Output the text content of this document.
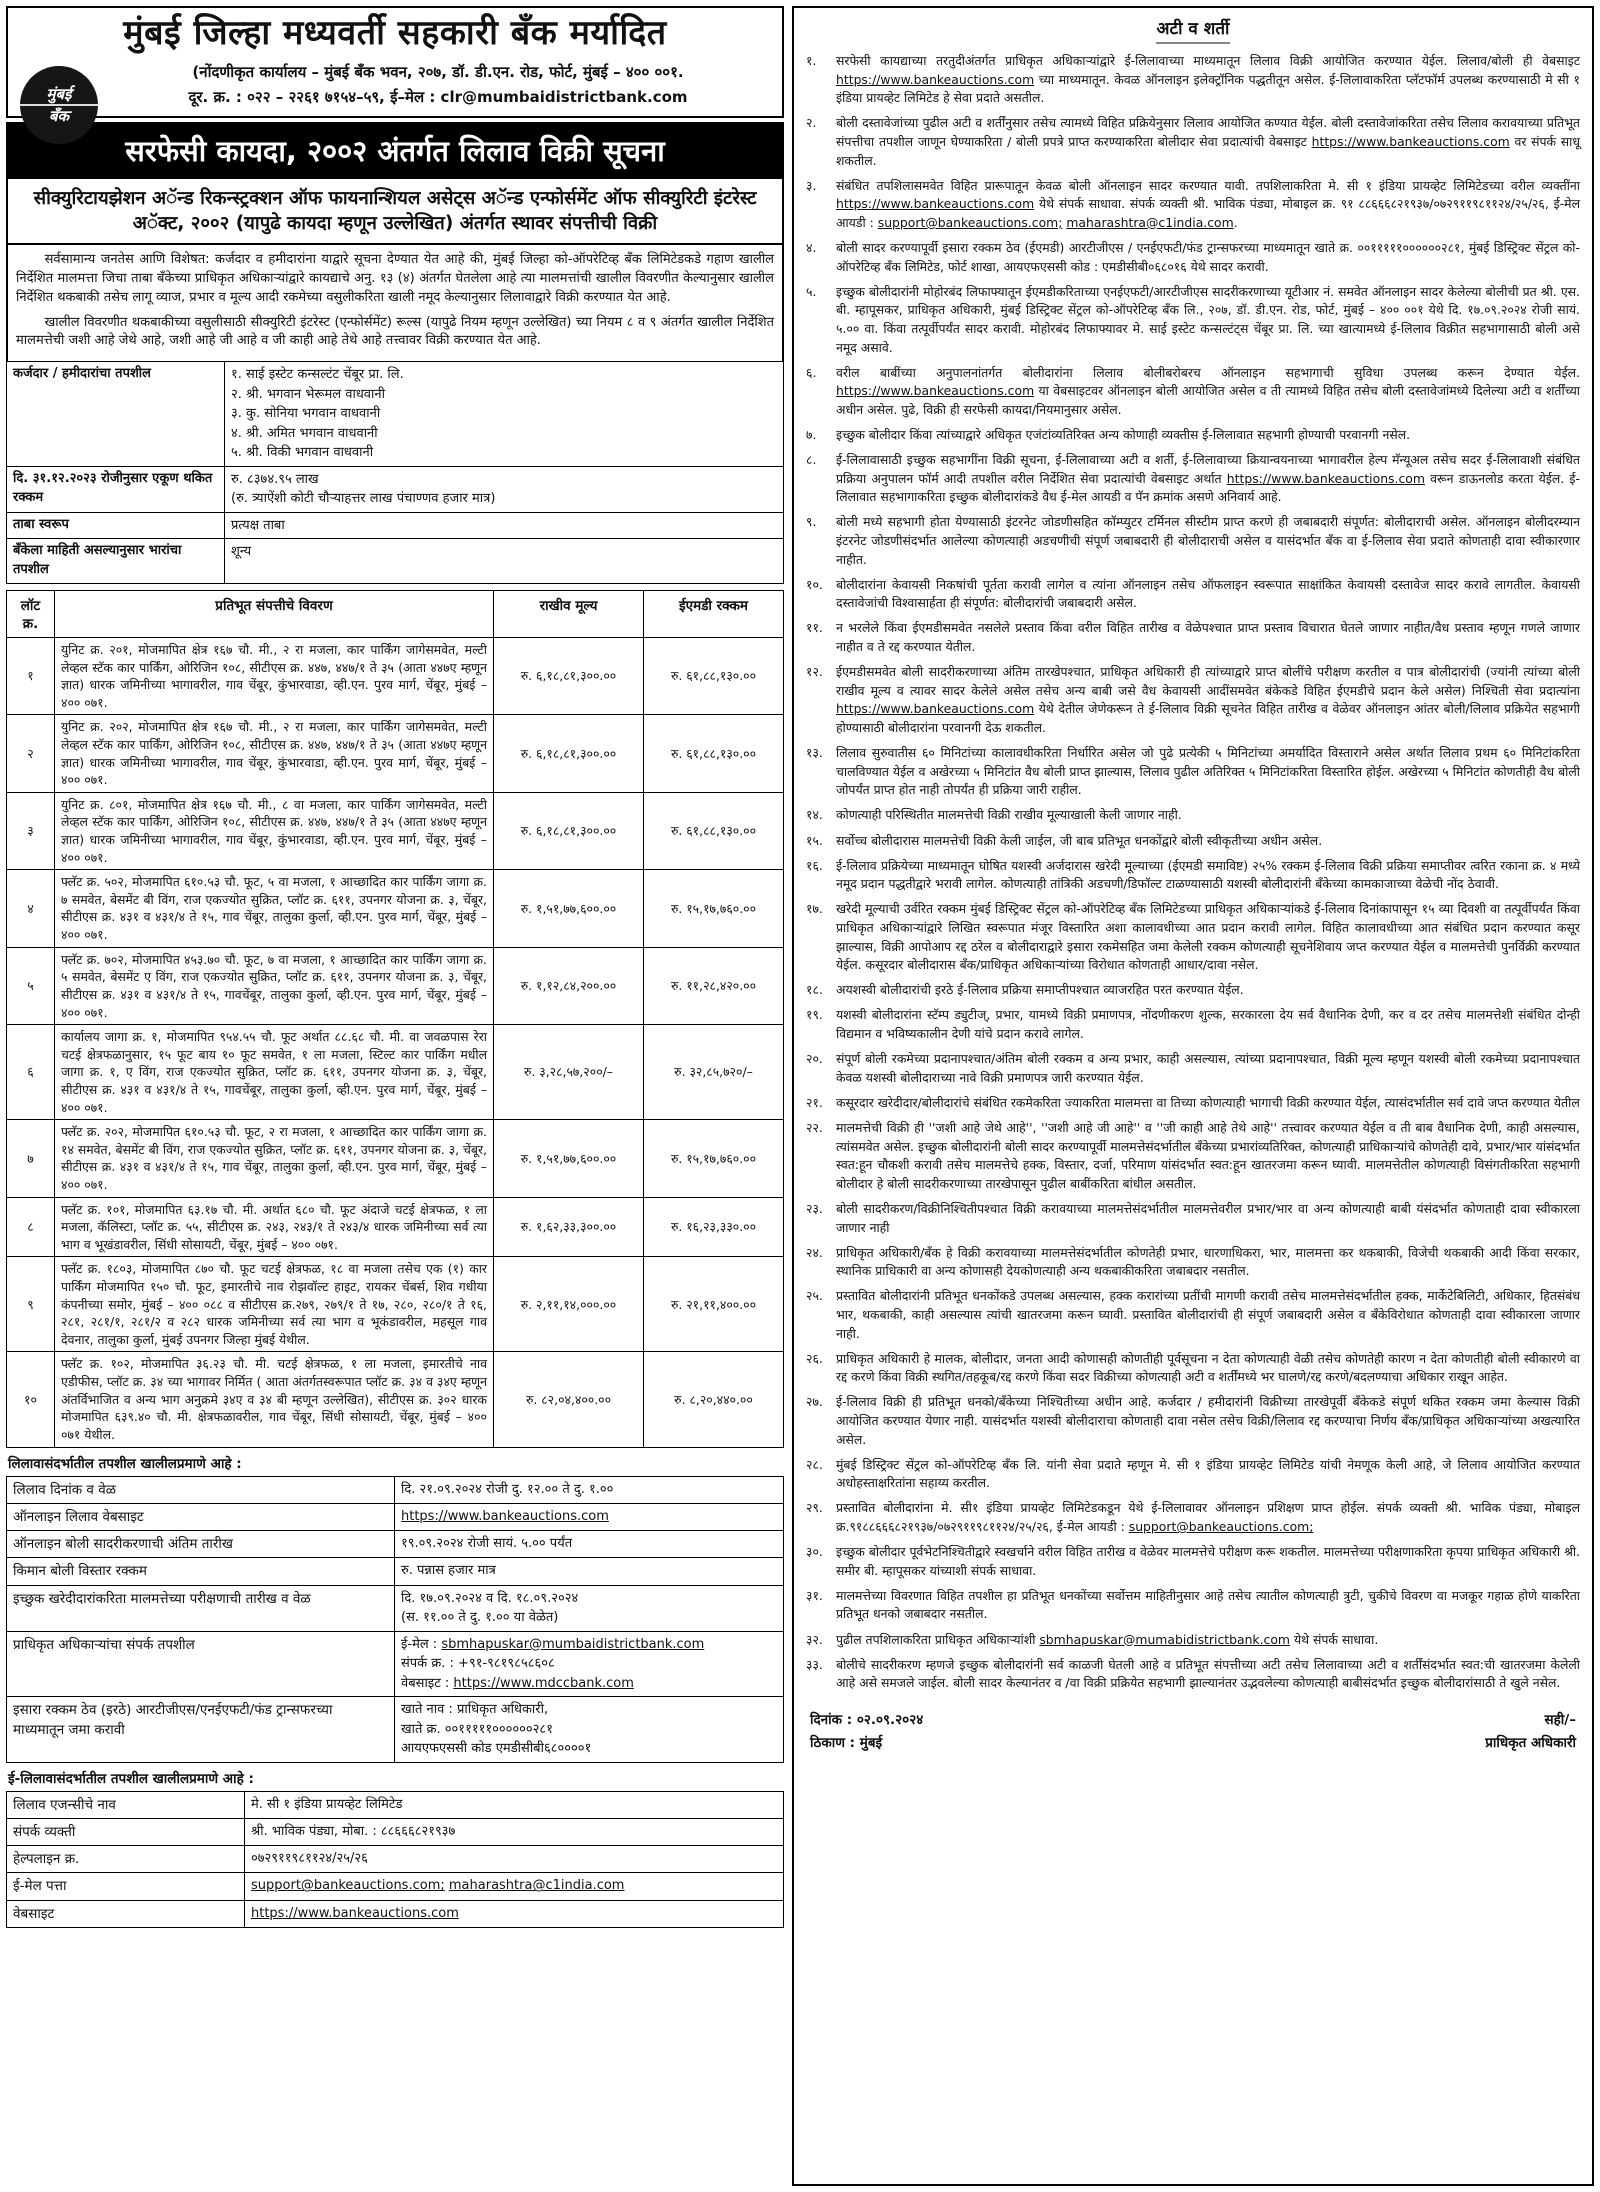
मुंबई जिल्हा मध्यवर्ती सहकारी बँक मर्यादित
मुंबई
बँक
(नोंदणीकृत कार्यालय – मुंबई बँक भवन, २०७, डॉ. डी.एन. रोड, फोर्ट, मुंबई – ४०० ००१.
दूर. क्र. : ०२२ – २२६१ ७१५४–५९, ई–मेल : clr@mumbaidistrictbank.com
सरफेसी कायदा, २००२ अंतर्गत लिलाव विक्री सूचना
सीक्युरिटायझेशन अॅन्ड रिकन्स्ट्रक्शन ऑफ फायनान्शियल असेट्स अॅन्ड एन्फोर्समेंट ऑफ सीक्युरिटी इंटरेस्ट अॅक्ट, २००२ (यापुढे कायदा म्हणून उल्लेखित) अंतर्गत स्थावर संपत्तीची विक्री
सर्वसामान्य जनतेस आणि विशेषत: कर्जदार व हमीदारांना याद्वारे सूचना देण्यात येत आहे की, मुंबई जिल्हा को-ऑपरेटिव्ह बँक लिमिटेडकडे गहाण खालील निर्देशित मालमत्ता जिचा ताबा बँकेच्या प्राधिकृत अधिकाऱ्यांद्वारे कायद्याचे अनु. १३ (४) अंतर्गत घेतलेला आहे त्या मालमत्तांची खालील विवरणीत केल्यानुसार खालील निर्देशित थकबाकी तसेच लागू व्याज, प्रभार व मूल्य आदी रकमेच्या वसुलीकरिता खाली नमूद केल्यानुसार लिलावाद्वारे विक्री करण्यात येत आहे.
खालील विवरणीत थकबाकीच्या वसुलीसाठी सीक्युरिटी इंटरेस्ट (एन्फोर्समेंट) रूल्स (यापुढे नियम म्हणून उल्लेखित) च्या नियम ८ व ९ अंतर्गत खालील निर्देशित मालमत्तेची जशी आहे जेथे आहे, जशी आहे जी आहे व जी काही आहे तेथे आहे तत्त्वावर विक्री करण्यात येत आहे.
कर्जदार / हमीदारांचा तपशील	१. साई इस्टेट कन्सल्टंट चेंबूर प्रा. लि.
२. श्री. भगवान भेरूमल वाधवानी
३. कु. सोनिया भगवान वाधवानी
४. श्री. अमित भगवान वाधवानी
५. श्री. विकी भगवान वाधवानी
दि. ३१.१२.२०२३ रोजीनुसार एकूण थकित रक्कम	रु. ८३७४.९५ लाख
(रु. त्र्याऐंशी कोटी चौऱ्याहत्तर लाख पंचाण्णव हजार मात्र)
ताबा स्वरूप	प्रत्यक्ष ताबा
बँकेला माहिती असल्यानुसार भारांचा तपशील	शून्य
लॉट क्र.	प्रतिभूत संपत्तीचे विवरण	राखीव मूल्य	ईएमडी रक्कम
१	युनिट क्र. २०१, मोजमापित क्षेत्र १६७ चौ. मी., २ रा मजला, कार पार्किंग जागेसमवेत, मल्टी लेव्हल स्टॅक कार पार्किंग, ओरिजिन १०८, सीटीएस क्र. ४४७, ४४७/१ ते ३५ (आता ४४७ए म्हणून ज्ञात) धारक जमिनीच्या भागावरील, गाव चेंबूर, कुंभारवाडा, व्ही.एन. पुरव मार्ग, चेंबूर, मुंबई –४०० ०७१.	रु. ६,१८,८१,३००.००	रु. ६१,८८,१३०.००
२	युनिट क्र. २०२, मोजमापित क्षेत्र १६७ चौ. मी., २ रा मजला, कार पार्किंग जागेसमवेत, मल्टी लेव्हल स्टॅक कार पार्किंग, ओरिजिन १०८, सीटीएस क्र. ४४७, ४४७/१ ते ३५ (आता ४४७ए म्हणून ज्ञात) धारक जमिनीच्या भागावरील, गाव चेंबूर, कुंभारवाडा, व्ही.एन. पुरव मार्ग, चेंबूर, मुंबई –४०० ०७१.	रु. ६,१८,८१,३००.००	रु. ६१,८८,१३०.००
३	युनिट क्र. ८०१, मोजमापित क्षेत्र १६७ चौ. मी., ८ वा मजला, कार पार्किंग जागेसमवेत, मल्टी लेव्हल स्टॅक कार पार्किंग, ओरिजिन १०८, सीटीएस क्र. ४४७, ४४७/१ ते ३५ (आता ४४७ए म्हणून ज्ञात) धारक जमिनीच्या भागावरील, गाव चेंबूर, कुंभारवाडा, व्ही.एन. पुरव मार्ग, चेंबूर, मुंबई –४०० ०७१.	रु. ६,१८,८१,३००.००	रु. ६१,८८,१३०.००
४	फ्लॅट क्र. ५०२, मोजमापित ६१०.५३ चौ. फूट, ५ वा मजला, १ आच्छादित कार पार्किंग जागा क्र. ७ समवेत, बेसमेंट बी विंग, राज एकज्योत सुक्रित, प्लॉट क्र. ६११, उपनगर योजना क्र. ३, चेंबूर, सीटीएस क्र. ४३१ व ४३१/४ ते १५, गाव चेंबूर, तालुका कुर्ला, व्ही.एन. पुरव मार्ग, चेंबूर, मुंबई – ४०० ०७१.	रु. १,५१,७७,६००.००	रु. १५,१७,७६०.००
५	फ्लॅट क्र. ७०२, मोजमापित ४५३.७० चौ. फूट, ७ वा मजला, १ आच्छादित कार पार्किंग जागा क्र. ५ समवेत, बेसमेंट ए विंग, राज एकज्योत सुक्रित, प्लॉट क्र. ६११, उपनगर योजना क्र. ३, चेंबूर, सीटीएस क्र. ४३१ व ४३१/४ ते १५, गावचेंबूर, तालुका कुर्ला, व्ही.एन. पुरव मार्ग, चेंबूर, मुंबई – ४०० ०७१.	रु. १,१२,८४,२००.००	रु. ११,२८,४२०.००
६	कार्यालय जागा क्र. १, मोजमापित ९५४.५५ चौ. फूट अर्थात ८८.६८ चौ. मी. वा जवळपास रेरा चटई क्षेत्रफळानुसार, १५ फूट बाय १० फूट समवेत, १ ला मजला, स्टिल्ट कार पार्किंग मधील जागा क्र. १, ए विंग, राज एकज्योत सुक्रित, प्लॉट क्र. ६११, उपनगर योजना क्र. ३, चेंबूर, सीटीएस क्र. ४३१ व ४३१/४ ते १५, गावचेंबूर, तालुका कुर्ला, व्ही.एन. पुरव मार्ग, चेंबूर, मुंबई – ४०० ०७१.	रु. ३,२८,५७,२००/–	रु. ३२,८५,७२०/–
७	फ्लॅट क्र. २०२, मोजमापित ६१०.५३ चौ. फूट, २ रा मजला, १ आच्छादित कार पार्किंग जागा क्र. १४ समवेत, बेसमेंट बी विंग, राज एकज्योत सुक्रित, प्लॉट क्र. ६११, उपनगर योजना क्र. ३, चेंबूर, सीटीएस क्र. ४३१ व ४३१/४ ते १५, गाव चेंबूर, तालुका कुर्ला, व्ही.एन. पुरव मार्ग, चेंबूर, मुंबई – ४०० ०७१.	रु. १,५१,७७,६००.००	रु. १५,१७,७६०.००
८	फ्लॅट क्र. १०१, मोजमापित ६३.१७ चौ. मी. अर्थात ६८० चौ. फूट अंदाजे चटई क्षेत्रफळ, १ ला मजला, कॅलिस्टा, प्लॉट क्र. ५५, सीटीएस क्र. २४३, २४३/१ ते २४३/४ धारक जमिनीच्या सर्व त्या भाग व भूखंडावरील, सिंधी सोसायटी, चेंबूर, मुंबई – ४०० ०७१.	रु. १,६२,३३,३००.००	रु. १६,२३,३३०.००
९	फ्लॅट क्र. १८०३, मोजमापित ८७० चौ. फूट चटई क्षेत्रफळ, १८ वा मजला तसेच एक (१) कार पार्किंग मोजमापित १५० चौ. फूट, इमारतीचे नाव रोझवॉल्ट हाइट, रायकर चेंबर्स, शिव गधीया कंपनीच्या समोर, मुंबई – ४०० ०८८ व सीटीएस क्र.२७९, २७९/१ ते १७, २८०, २८०/१ ते १६, २८१, २८१/१, २८१/२ व २८२ धारक जमिनीच्या सर्व त्या भाग व भूकंडावरील, महसूल गाव देवनार, तालुका कुर्ला, मुंबई उपनगर जिल्हा मुंबई येथील.	रु. २,११,१४,०००.००	रु. २१,११,४००.००
१०	फ्लॅट क्र. १०२, मोजमापित ३६.२३ चौ. मी. चटई क्षेत्रफळ, १ ला मजला, इमारतीचे नाव एडीफीस, प्लॉट क्र. ३४ च्या भागावर निर्मित ( आता अंतर्गतस्वरूपात प्लॉट क्र. ३४ व ३४ए म्हणून अंतर्विभाजित व अन्य भाग अनुक्रमे ३४ए व ३४ बी म्हणून उल्लेखित), सीटीएस क्र. ३०२ धारक मोजमापित ६३९.४० चौ. मी. क्षेत्रफळावरील, गाव चेंबूर, सिंधी सोसायटी, चेंबूर, मुंबई – ४०० ०७१ येथील.	रु. ८२,०४,४००.००	रु. ८,२०,४४०.००
लिलावासंदर्भातील तपशील खालीलप्रमाणे आहे :
लिलाव दिनांक व वेळ	दि. २१.०९.२०२४ रोजी दु. १२.०० ते दु. १.००
ऑनलाइन लिलाव वेबसाइट	https://www.bankeauctions.com
ऑनलाइन बोली सादरीकरणाची अंतिम तारीख	१९.०९.२०२४ रोजी सायं. ५.०० पर्यंत
किमान बोली विस्तार रक्कम	रु. पन्नास हजार मात्र
इच्छुक खरेदीदारांकरिता मालमत्तेच्या परीक्षणाची तारीख व वेळ	दि. १७.०९.२०२४ व दि. १८.०९.२०२४
(स. ११.०० ते दु. १.०० या वेळेत)
प्राधिकृत अधिकाऱ्यांचा संपर्क तपशील	ई-मेल : sbmhapuskar@mumbaidistrictbank.com
संपर्क क्र. : +९१-९८१९८५८६०८
वेबसाइट : https://www.mdccbank.com
इसारा रक्कम ठेव (इरठे) आरटीजीएस/एनईएफटी/फंड ट्रान्सफरच्या माध्यमातून जमा करावी	खाते नाव : प्राधिकृत अधिकारी,
खाते क्र. ००१११११००००००२८१
आयएफएससी कोड एमडीसीबी६८००००१
ई-लिलावासंदर्भातील तपशील खालीलप्रमाणे आहे :
लिलाव एजन्सीचे नाव	मे. सी १ इंडिया प्रायव्हेट लिमिटेड
संपर्क व्यक्ती	श्री. भाविक पंड्या, मोबा. : ८८६६६८२१९३७
हेल्पलाइन क्र.	०७२९११९८११२४/२५/२६
ई-मेल पत्ता	support@bankeauctions.com; maharashtra@c1india.com
वेबसाइट	https://www.bankeauctions.com
अटी व शर्ती
१.	सरफेसी कायद्याच्या तरतुदीअंतर्गत प्राधिकृत अधिकाऱ्यांद्वारे ई-लिलावाच्या माध्यमातून लिलाव विक्री आयोजित करण्यात येईल. लिलाव/बोली ही वेबसाइट https://www.bankeauctions.com च्या माध्यमातून. केवळ ऑनलाइन इलेक्ट्रॉनिक पद्धतीतून असेल. ई-लिलावाकरिता प्लॅटफॉर्म उपलब्ध करण्यासाठी मे सी १ इंडिया प्रायव्हेट लिमिटेड हे सेवा प्रदाते असतील.
२.	बोली दस्तावेजांच्या पुढील अटी व शर्तींनुसार तसेच त्यामध्ये विहित प्रक्रियेनुसार लिलाव आयोजित कण्यात येईल. बोली दस्तावेजांकरिता तसेच लिलाव करावयाच्या प्रतिभूत संपत्तीचा तपशील जाणून घेण्याकरिता / बोली प्रपत्रे प्राप्त करण्याकरिता बोलीदार सेवा प्रदात्यांची वेबसाइट https://www.bankeauctions.com वर संपर्क साधू शकतील.
३.	संबंधित तपशिलासमवेत विहित प्रारूपातून केवळ बोली ऑनलाइन सादर करण्यात यावी. तपशिलाकरिता मे. सी १ इंडिया प्रायव्हेट लिमिटेडच्या वरील व्यक्तींना https://www.bankeauctions.com येथे संपर्क साधावा. संपर्क व्यक्ती श्री. भाविक पंड्या, मोबाइल क्र. ९१ ८८६६६८२१९३७/०७२९११९८११२४/२५/२६, ई-मेल आयडी : support@bankeauctions.com; maharashtra@c1india.com.
४.	बोली सादर करण्यापूर्वी इसारा रक्कम ठेव (ईएमडी) आरटीजीएस / एनईएफटी/फंड ट्रान्सफरच्या माध्यमातून खाते क्र. ००१११११००००००२८१, मुंबई डिस्ट्रिक्ट सेंट्रल को-ऑपरेटिव्ह बँक लिमिटेड, फोर्ट शाखा, आयएफएससी कोड : एमडीसीबी०६८०१६ येथे सादर करावी.
५.	इच्छुक बोलीदारांनी मोहोरबंद लिफाफ्यातून ईएमडीकरिताच्या एनईएफटी/आरटीजीएस सादरीकरणाच्या यूटीआर नं. समवेत ऑनलाइन सादर केलेल्या बोलीची प्रत श्री. एस. बी. म्हापूसकर, प्राधिकृत अधिकारी, मुंबई डिस्ट्रिक्ट सेंट्रल को-ऑपरेटिव्ह बँक लि., २०७, डॉ. डी.एन. रोड, फोर्ट, मुंबई – ४०० ००१ येथे दि. १७.०९.२०२४ रोजी सायं. ५.०० वा. किंवा तत्पूर्वीपर्यंत सादर करावी. मोहोरबंद लिफाफ्यावर मे. साई इस्टेट कन्सल्टंट्स चेंबूर प्रा. लि. च्या खात्यामध्ये ई-लिलाव विक्रीत सहभागासाठी बोली असे नमूद असावे.
६.	वरील बाबींच्या अनुपालनांतर्गत बोलीदारांना लिलाव बोलीबरोबरच ऑनलाइन सहभागाची सुविधा उपलब्ध करून देण्यात येईल. https://www.bankeauctions.com या वेबसाइटवर ऑनलाइन बोली आयोजित असेल व ती त्यामध्ये विहित तसेच बोली दस्तावेजांमध्ये दिलेल्या अटी व शर्तींच्या अधीन असेल. पुढे, विक्री ही सरफेसी कायदा/नियमानुसार असेल.
७.	इच्छुक बोलीदार किंवा त्यांच्याद्वारे अधिकृत एजंटांव्यतिरिक्त अन्य कोणाही व्यक्तीस ई-लिलावात सहभागी होण्याची परवानगी नसेल.
८.	ई-लिलावासाठी इच्छुक सहभागींना विक्री सूचना, ई-लिलावाच्या अटी व शर्ती, ई-लिलावाच्या क्रियान्वयनाच्या भागावरील हेल्प मॅन्यूअल तसेच सदर ई-लिलावाशी संबंधित प्रक्रिया अनुपालन फॉर्म आदी तपशील वरील निर्देशित सेवा प्रदात्यांची वेबसाइट अर्थात https://www.bankeauctions.com वरून डाऊनलोड करता येईल. ई-लिलावात सहभागाकरिता इच्छुक बोलीदारांकडे वैध ई-मेल आयडी व पॅन क्रमांक असणे अनिवार्य आहे.
९.	बोली मध्ये सहभागी होता येण्यासाठी इंटरनेट जोडणीसहित कॉम्प्युटर टर्मिनल सीस्टीम प्राप्त करणे ही जबाबदारी संपूर्णत: बोलीदाराची असेल. ऑनलाइन बोलीदरम्यान इंटरनेट जोडणीसंदर्भात आलेल्या कोणत्याही अडचणीची संपूर्ण जबाबदारी ही बोलीदाराची असेल व यासंदर्भात बँक वा ई-लिलाव सेवा प्रदाते कोणताही दावा स्वीकारणार नाहीत.
१०.	बोलीदारांना केवायसी निकषांची पूर्तता करावी लागेल व त्यांना ऑनलाइन तसेच ऑफलाइन स्वरूपात साक्षांकित केवायसी दस्तावेज सादर करावे लागतील. केवायसी दस्तावेजांची विश्वासार्हता ही संपूर्णत: बोलीदारांची जबाबदारी असेल.
११.	न भरलेले किंवा ईएमडीसमवेत नसलेले प्रस्ताव किंवा वरील विहित तारीख व वेळेपश्चात प्राप्त प्रस्ताव विचारात घेतले जाणार नाहीत/वैध प्रस्ताव म्हणून गणले जाणार नाहीत व ते रद्द करण्यात येतील.
१२.	ईएमडीसमवेत बोली सादरीकरणाच्या अंतिम तारखेपश्चात, प्राधिकृत अधिकारी ही त्यांच्याद्वारे प्राप्त बोलींचे परीक्षण करतील व पात्र बोलीदारांची (ज्यांनी त्यांच्या बोली राखीव मूल्य व त्यावर सादर केलेले असेल तसेच अन्य बाबी जसे वैध केवायसी आदींसमवेत बंकेकडे विहित ईएमडीचे प्रदान केले असेल) निश्चिती सेवा प्रदात्यांना https://www.bankeauctions.com येथे देतील जेणेकरून ते ई-लिलाव विक्री सूचनेत विहित तारीख व वेळेवर ऑनलाइन आंतर बोली/लिलाव प्रक्रियेत सहभागी होण्यासाठी बोलीदारांना परवानगी देऊ शकतील.
१३.	लिलाव सुरुवातीस ६० मिनिटांच्या कालावधीकरिता निर्धारित असेल जो पुढे प्रत्येकी ५ मिनिटांच्या अमर्यादित विस्ताराने असेल अर्थात लिलाव प्रथम ६० मिनिटांकरिता चालविण्यात येईल व अखेरच्या ५ मिनिटांत वैध बोली प्राप्त झाल्यास, लिलाव पुढील अतिरिक्त ५ मिनिटांकरिता विस्तारित होईल. अखेरच्या ५ मिनिटांत कोणतीही वैध बोली जोपर्यंत प्राप्त होत नाही तोपर्यंत ही प्रक्रिया जारी राहील.
१४.	कोणत्याही परिस्थितीत मालमत्तेची विक्री राखीव मूल्याखाली केली जाणार नाही.
१५.	सर्वोच्च बोलीदारास मालमत्तेची विक्री केली जाईल, जी बाब प्रतिभूत धनकोंद्वारे बोली स्वीकृतीच्या अधीन असेल.
१६.	ई-लिलाव प्रक्रियेच्या माध्यमातून घोषित यशस्वी अर्जदारास खरेदी मूल्याच्या (ईएमडी समाविष्ट) २५% रक्कम ई-लिलाव विक्री प्रक्रिया समाप्तीवर त्वरित रकाना क्र. ४ मध्ये नमूद प्रदान पद्धतीद्वारे भरावी लागेल. कोणत्याही तांत्रिकी अडचणी/डिफॉल्ट टाळण्यासाठी यशस्वी बोलीदारांनी बँकेच्या कामकाजाच्या वेळेची नोंद ठेवावी.
१७.	खरेदी मूल्याची उर्वरित रक्कम मुंबई डिस्ट्रिक्ट सेंट्रल को-ऑपरेटिव्ह बँक लिमिटेडच्या प्राधिकृत अधिकाऱ्यांकडे ई-लिलाव दिनांकापासून १५ व्या दिवशी वा तत्पूर्वीपर्यंत किंवा प्राधिकृत अधिकाऱ्यांद्वारे लिखित स्वरूपात मंजूर विस्तारित अशा कालावधीच्या आत प्रदान करावी लागेल. विहित कालावधीच्या आत संबंधित प्रदान करण्यात कसूर झाल्यास, विक्री आपोआप रद्द ठरेल व बोलीदाराद्वारे इसारा रकमेसहित जमा केलेली रक्कम कोणत्याही सूचनेशिवाय जप्त करण्यात येईल व मालमत्तेची पुनर्विक्री करण्यात येईल. कसूरदार बोलीदारास बँक/प्राधिकृत अधिकाऱ्यांच्या विरोधात कोणताही आधार/दावा नसेल.
१८.	अयशस्वी बोलीदारांची इरठे ई-लिलाव प्रक्रिया समाप्तीपश्चात व्याजरहित परत करण्यात येईल.
१९.	यशस्वी बोलीदारांना स्टॅम्प ड्युटीज्, प्रभार, यामध्ये विक्री प्रमाणपत्र, नोंदणीकरण शुल्क, सरकारला देय सर्व वैधानिक देणी, कर व दर तसेच मालमत्तेशी संबंधित दोन्ही विद्यमान व भविष्यकालीन देणी यांचे प्रदान करावे लागेल.
२०.	संपूर्ण बोली रकमेच्या प्रदानापश्चात/अंतिम बोली रक्कम व अन्य प्रभार, काही असल्यास, त्यांच्या प्रदानापश्चात, विक्री मूल्य म्हणून यशस्वी बोली रकमेच्या प्रदानापश्चात केवळ यशस्वी बोलीदाराच्या नावे विक्री प्रमाणपत्र जारी करण्यात येईल.
२१.	कसूरदार खरेदीदार/बोलीदारांचे संबंधित रकमेकरिता ज्याकरिता मालमत्ता वा तिच्या कोणत्याही भागाची विक्री करण्यात येईल, त्यासंदर्भातील सर्व दावे जप्त करण्यात येतील
२२.	मालमत्तेची विक्री ही ''जशी आहे जेथे आहे'', ''जशी आहे जी आहे'' व ''जी काही आहे तेथे आहे'' तत्त्वावर करण्यात येईल व ती बाब वैधानिक देणी, काही असल्यास, त्यांसमवेत असेल. इच्छुक बोलीदारांनी बोली सादर करण्यापूर्वी मालमत्तेसंदर्भातील बँकेच्या प्रभारांव्यतिरिक्त, कोणत्याही प्राधिकाऱ्यांचे कोणतेही दावे, प्रभार/भार यांसंदर्भात स्वत:हून चौकशी करावी तसेच मालमत्तेचे हक्क, विस्तार, दर्जा, परिमाण यांसंदर्भात स्वत:हून खातरजमा करून घ्यावी. मालमत्तेतील कोणत्याही विसंगतीकरिता सहभागी बोलीदार हे बोली सादरीकरणाच्या तारखेपासून पुढील बाबींकरिता बांधील असतील.
२३.	बोली सादरीकरण/विक्रीनिश्चितीपश्चात विक्री करावयाच्या मालमत्तेसंदर्भातील मालमत्तेवरील प्रभार/भार वा अन्य कोणत्याही बाबी यंसंदर्भात कोणताही दावा स्वीकारला जाणार नाही
२४.	प्राधिकृत अधिकारी/बँक हे विक्री करावयाच्या मालमत्तेसंदर्भातील कोणतेही प्रभार, धारणाधिकरा, भार, मालमत्ता कर थकबाकी, विजेची थकबाकी आदी किंवा सरकार, स्थानिक प्राधिकारी वा अन्य कोणासही देयकोणत्याही अन्य थकबाकीकरिता जबाबदार नसतील.
२५.	प्रस्तावित बोलीदारांनी प्रतिभूत धनकोंकडे उपलब्ध असल्यास, हक्क करारांच्या प्रतींची मागणी करावी तसेच मालमत्तेसंदर्भातील हक्क, मार्केटेबिलिटी, अधिकार, हितसंबंध भार, थकबाकी, काही असल्यास त्यांची खातरजमा करून घ्यावी. प्रस्तावित बोलीदारांची ही संपूर्ण जबाबदारी असेल व बँकेविरोधात कोणताही दावा स्वीकारला जाणार नाही.
२६.	प्राधिकृत अधिकारी हे मालक, बोलीदार, जनता आदी कोणासही कोणतीही पूर्वसूचना न देता कोणत्याही वेळी तसेच कोणतेही कारण न देता कोणतीही बोली स्वीकारणे वा रद्द करणे किंवा विक्री स्थगित/तहकूब/रद्द करणे किंवा सदर विक्रीच्या कोणत्याही अटी व शर्तींमध्ये भर घालणे/रद्द करणे/बदलण्याचा अधिकार राखून आहेत.
२७.	ई-लिलाव विक्री ही प्रतिभूत धनको/बँकेच्या निश्चितीच्या अधीन आहे. कर्जदार / हमीदारांनी विक्रीच्या तारखेपूर्वी बँकेकडे संपूर्ण थकित रक्कम जमा केल्यास विक्री आयोजित करण्यात येणार नाही. यासंदर्भात यशस्वी बोलीदाराचा कोणताही दावा नसेल तसेच विक्री/लिलाव रद्द करण्याचा निर्णय बँक/प्राधिकृत अधिकाऱ्यांच्या अखत्यारित असेल.
२८.	मुंबई डिस्ट्रिक्ट सेंट्रल को-ऑपरेटिव्ह बँक लि. यांनी सेवा प्रदाते म्हणून मे. सी १ इंडिया प्रायव्हेट लिमिटेड यांची नेमणूक केली आहे, जे लिलाव आयोजित करण्यात अधोहस्ताक्षरितांना सहाय्य करतील.
२९.	प्रस्तावित बोलीदारांना मे. सी१ इंडिया प्रायव्हेट लिमिटेडकडून येथे ई-लिलावावर ऑनलाइन प्रशिक्षण प्राप्त होईल. संपर्क व्यक्ती श्री. भाविक पंड्या, मोबाइल क्र.९१८८६६६८२१९३७/०७२९११९८११२४/२५/२६, ई-मेल आयडी : support@bankeauctions.com;
३०.	इच्छुक बोलीदार पूर्वभेटनिश्चितीद्वारे स्वखर्चाने वरील विहित तारीख व वेळेवर मालमत्तेचे परीक्षण करू शकतील. मालमत्तेच्या परीक्षणाकरिता कृपया प्राधिकृत अधिकारी श्री. समीर बी. म्हापूसकर यांच्याशी संपर्क साधावा.
३१.	मालमत्तेच्या विवरणात विहित तपशील हा प्रतिभूत धनकोंच्या सर्वोत्तम माहितीनुसार आहे तसेच त्यातील कोणत्याही त्रुटी, चुकीचे विवरण वा मजकूर गहाळ होणे याकरिता प्रतिभूत धनको जबाबदार नसतील.
३२.	पुढील तपशिलाकरिता प्राधिकृत अधिकाऱ्यांशी sbmhapuskar@mumabidistrictbank.com येथे संपर्क साधावा.
३३.	बोलीचे सादरीकरण म्हणजे इच्छुक बोलीदारांनी सर्व काळजी घेतली आहे व प्रतिभूत संपत्तीच्या अटी तसेच लिलावाच्या अटी व शर्तींसंदर्भात स्वत:ची खातरजमा केलेली आहे असे समजले जाईल. बोली सादर केल्यानंतर व /वा विक्री प्रक्रियेत सहभागी झाल्यानंतर उद्भवलेल्या कोणत्याही बाबीसंदर्भात इच्छुक बोलीदारांसाठी ते खुले नसेल.
दिनांक : ०२.०९.२०२४
ठिकाण : मुंबई
सही/–
प्राधिकृत अधिकारी
